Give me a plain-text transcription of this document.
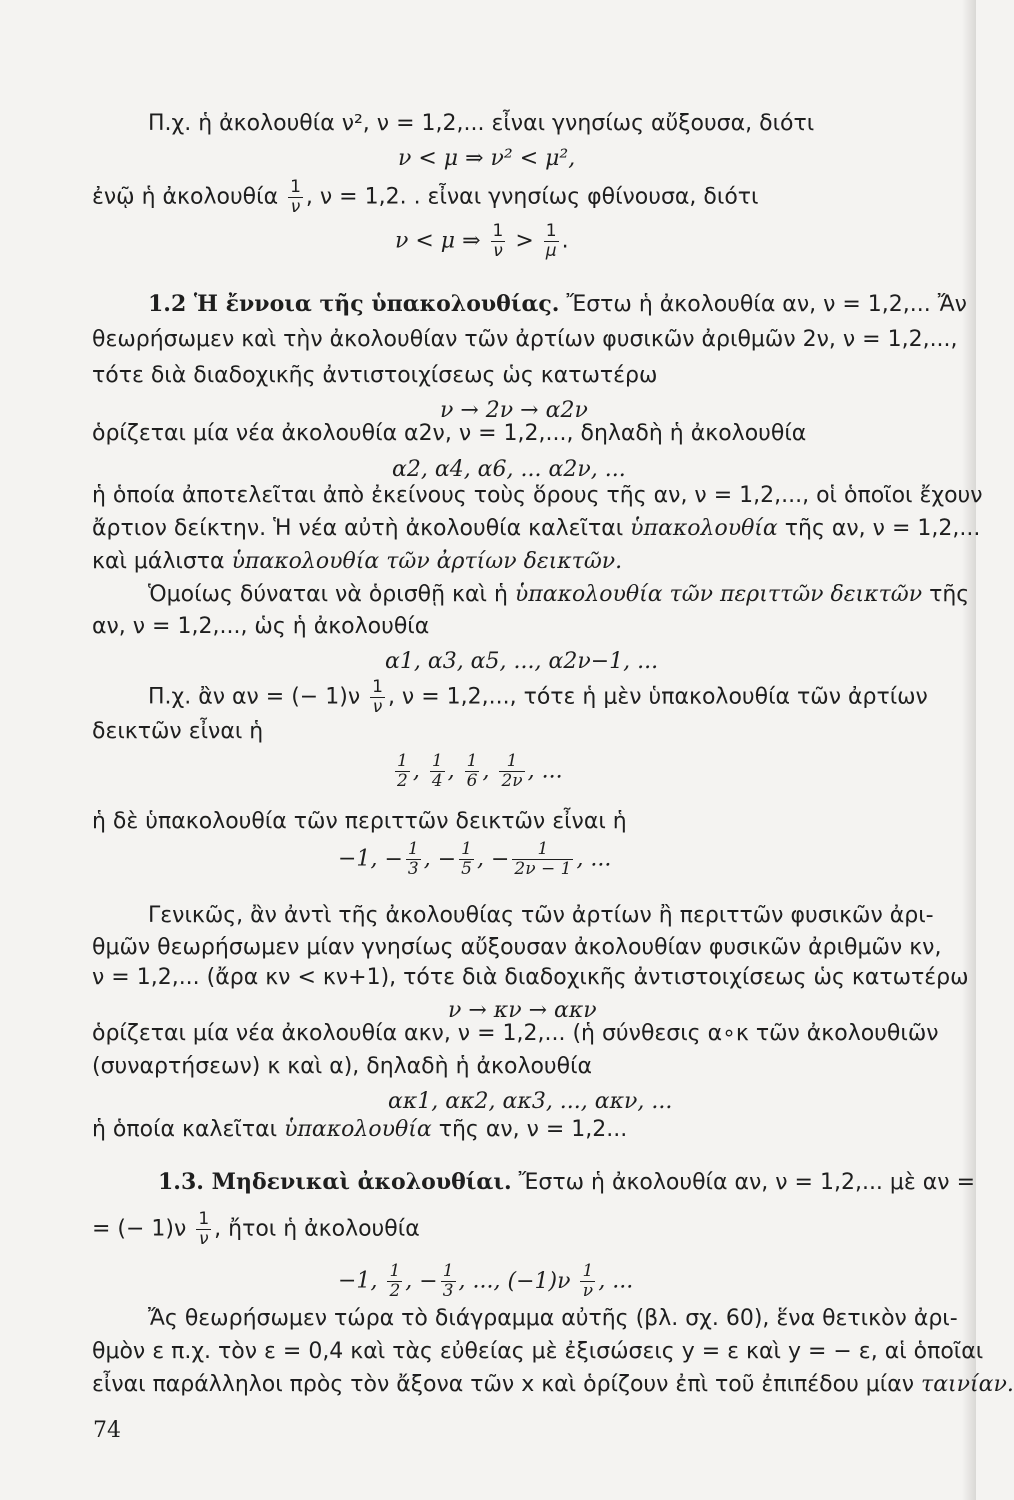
Π.χ. ἡ ἀκολουθία ν², ν = 1,2,... εἶναι γνησίως αὔξουσα, διότι
ν < μ ⇒ ν² < μ²,
ἐνῷ ἡ ἀκολουθία $\frac{1}{\nu}$ , ν = 1,2. . εἶναι γνησίως φθίνουσα, διότι
ν < μ ⇒ $\frac{1}{\nu} > \frac{1}{\mu}$ .
1.2 Ἡ ἔννοια τῆς ὑπακολουθίας. Ἔστω ἡ ἀκολουθία αν, ν = 1,2,... Ἄν
θεωρήσωμεν καὶ τὴν ἀκολουθίαν τῶν ἀρτίων φυσικῶν ἀριθμῶν 2ν, ν = 1,2,...,
τότε διὰ διαδοχικῆς ἀντιστοιχίσεως ὡς κατωτέρω
ν → 2ν → α2ν
ὁρίζεται μία νέα ἀκολουθία α2ν, ν = 1,2,..., δηλαδὴ ἡ ἀκολουθία
α2, α4, α6, ... α2ν, ...
ἡ ὁποία ἀποτελεῖται ἀπὸ ἐκείνους τοὺς ὅρους τῆς αν, ν = 1,2,..., οἱ ὁποῖοι ἔχουν
ἄρτιον δείκτην. Ἡ νέα αὐτὴ ἀκολουθία καλεῖται ὑπακολουθία τῆς αν, ν = 1,2,...
καὶ μάλιστα ὑπακολουθία τῶν ἀρτίων δεικτῶν.
Ὁμοίως δύναται νὰ ὁρισθῇ καὶ ἡ ὑπακολουθία τῶν περιττῶν δεικτῶν τῆς
αν, ν = 1,2,..., ὡς ἡ ἀκολουθία
α1, α3, α5, ..., α2ν−1, ...
Π.χ. ἂν αν = (− $1)\nu \frac{1}{\nu}$ , ν = 1,2,..., τότε ἡ μὲν ὑπακολουθία τῶν ἀρτίων
δεικτῶν εἶναι ἡ
$\frac{1}{2}$ , $\frac{1}{4}$ , $\frac{1}{6}$ , $\frac{1}{2\nu}$ , ...
ἡ δὲ ὑπακολουθία τῶν περιττῶν δεικτῶν εἶναι ἡ
−1, − $\frac{1}{3}$ , − $\frac{1}{5}$ , − $\frac{1}{2\nu - 1}$ , ...
Γενικῶς, ἂν ἀντὶ τῆς ἀκολουθίας τῶν ἀρτίων ἢ περιττῶν φυσικῶν ἀρι-
θμῶν θεωρήσωμεν μίαν γνησίως αὔξουσαν ἀκολουθίαν φυσικῶν ἀριθμῶν κν,
ν = 1,2,... (ἄρα κν < κν+1), τότε διὰ διαδοχικῆς ἀντιστοιχίσεως ὡς κατωτέρω
ν → κν → ακν
ὁρίζεται μία νέα ἀκολουθία ακν, ν = 1,2,... (ἡ σύνθεσις α∘κ τῶν ἀκολουθιῶν
(συναρτήσεων) κ καὶ α), δηλαδὴ ἡ ἀκολουθία
ακ1, ακ2, ακ3, ..., ακν, ...
ἡ ὁποία καλεῖται ὑπακολουθία τῆς αν, ν = 1,2...
1.3. Μηδενικαὶ ἀκολουθίαι. Ἔστω ἡ ἀκολουθία αν, ν = 1,2,... μὲ αν =
= (− $1)\nu \frac{1}{\nu}$ , ἤτοι ἡ ἀκολουθία
−1, $\frac{1}{2}$ , − $\frac{1}{3}$ , ..., $(-1)\nu \frac{1}{\nu}$ , ...
Ἄς θεωρήσωμεν τώρα τὸ διάγραμμα αὐτῆς (βλ. σχ. 60), ἕνα θετικὸν ἀρι-
θμὸν ε π.χ. τὸν ε = 0,4 καὶ τὰς εὐθείας μὲ ἐξισώσεις y = ε καὶ y = − ε, αἱ ὁποῖαι
εἶναι παράλληλοι πρὸς τὸν ἄξονα τῶν x καὶ ὁρίζουν ἐπὶ τοῦ ἐπιπέδου μίαν ταινίαν.
74
